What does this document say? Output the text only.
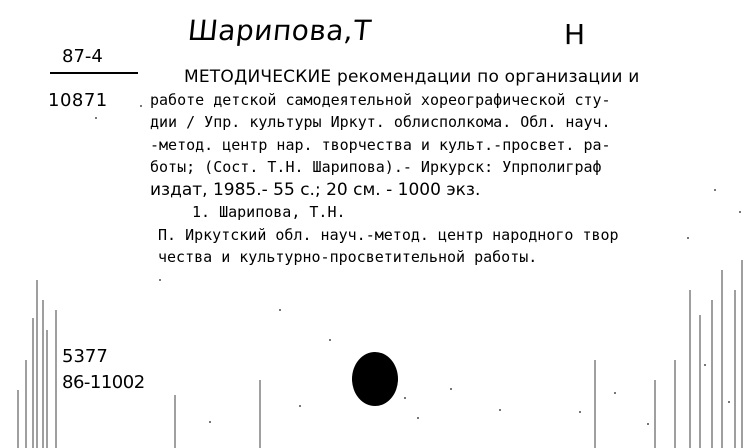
Шарипова,Т	Н
87-4
10871
МЕТОДИЧЕСКИЕ рекомендации по организации и
работе детской самодеятельной хореографической сту-
дии / Упр. культуры Иркут. облисполкома. Обл. науч.
-метод. центр нар. творчества и культ.-просвет. ра-
боты; (Сост. Т.Н. Шарипова).- Иркурск: Упрполиграф
издат, 1985.- 55 с.; 20 см. - 1000 экз.
1. Шарипова, Т.Н.
П. Иркутский обл. науч.-метод. центр народного твор
чества и культурно-просветительной работы.
5377
86-11002
